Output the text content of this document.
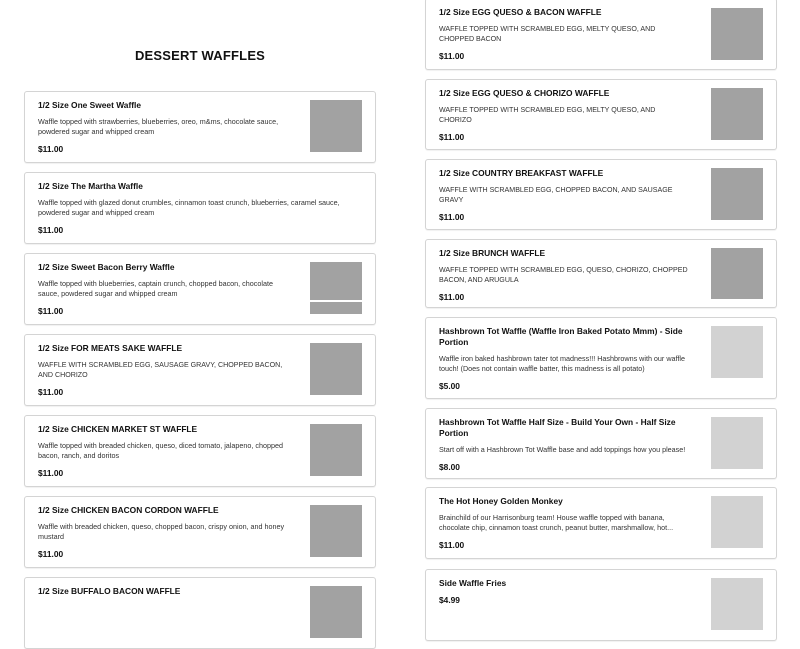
DESSERT WAFFLES
1/2 Size One Sweet Waffle
Waffle topped with strawberries, blueberries, oreo, m&ms, chocolate sauce, powdered sugar and whipped cream
$11.00
1/2 Size The Martha Waffle
Waffle topped with glazed donut crumbles, cinnamon toast crunch, blueberries, caramel sauce, powdered sugar and whipped cream
$11.00
1/2 Size Sweet Bacon Berry Waffle
Waffle topped with blueberries, captain crunch, chopped bacon, chocolate sauce, powdered sugar and whipped cream
$11.00
1/2 Size FOR MEATS SAKE WAFFLE
WAFFLE WITH SCRAMBLED EGG, SAUSAGE GRAVY, CHOPPED BACON, AND CHORIZO
$11.00
1/2 Size CHICKEN MARKET ST WAFFLE
Waffle topped with breaded chicken, queso, diced tomato, jalapeno, chopped bacon, ranch, and doritos
$11.00
1/2 Size CHICKEN BACON CORDON WAFFLE
Waffle with breaded chicken, queso, chopped bacon, crispy onion, and honey mustard
$11.00
1/2 Size BUFFALO BACON WAFFLE
1/2 Size EGG QUESO & BACON WAFFLE
WAFFLE TOPPED WITH SCRAMBLED EGG, MELTY QUESO, AND CHOPPED BACON
$11.00
1/2 Size EGG QUESO & CHORIZO WAFFLE
WAFFLE TOPPED WITH SCRAMBLED EGG, MELTY QUESO, AND CHORIZO
$11.00
1/2 Size COUNTRY BREAKFAST WAFFLE
WAFFLE WITH SCRAMBLED EGG, CHOPPED BACON, AND SAUSAGE GRAVY
$11.00
1/2 Size BRUNCH WAFFLE
WAFFLE TOPPED WITH SCRAMBLED EGG, QUESO, CHORIZO, CHOPPED BACON, AND ARUGULA
$11.00
Hashbrown Tot Waffle (Waffle Iron Baked Potato Mmm) - Side Portion
Waffle iron baked hashbrown tater tot madness!!! Hashbrowns with our waffle touch! (Does not contain waffle batter, this madness is all potato)
$5.00
Hashbrown Tot Waffle Half Size - Build Your Own - Half Size Portion
Start off with a Hashbrown Tot Waffle base and add toppings how you please!
$8.00
The Hot Honey Golden Monkey
Brainchild of our Harrisonburg team! House waffle topped with banana, chocolate chip, cinnamon toast crunch, peanut butter, marshmallow, hot...
$11.00
Side Waffle Fries
$4.99
